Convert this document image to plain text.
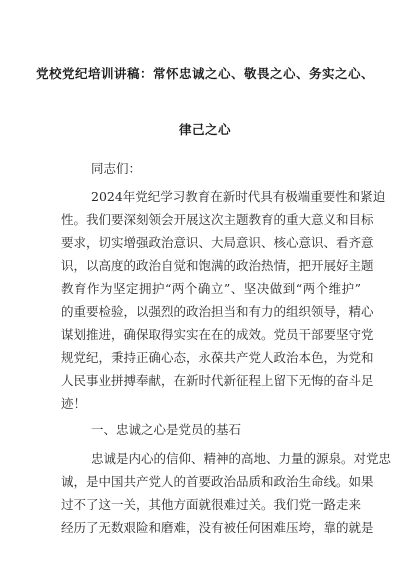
党校党纪培训讲稿：常怀忠诚之心、敬畏之心、务实之心、
律己之心
同志们：
2024年党纪学习教育在新时代具有极端重要性和紧迫
性。我们要深刻领会开展这次主题教育的重大意义和目标
要求，切实增强政治意识、大局意识、核心意识、看齐意
识，以高度的政治自觉和饱满的政治热情，把开展好主题
教育作为坚定拥护“两个确立”、坚决做到“两个维护”
的重要检验，以强烈的政治担当和有力的组织领导，精心
谋划推进，确保取得实实在在的成效。党员干部要坚守党
规党纪，秉持正确心态，永葆共产党人政治本色，为党和
人民事业拼搏奉献，在新时代新征程上留下无悔的奋斗足
迹！
一、忠诚之心是党员的基石
忠诚是内心的信仰、精神的高地、力量的源泉。对党忠
诚，是中国共产党人的首要政治品质和政治生命线。如果
过不了这一关，其他方面就很难过关。我们党一路走来
经历了无数艰险和磨难，没有被任何困难压垮，靠的就是
